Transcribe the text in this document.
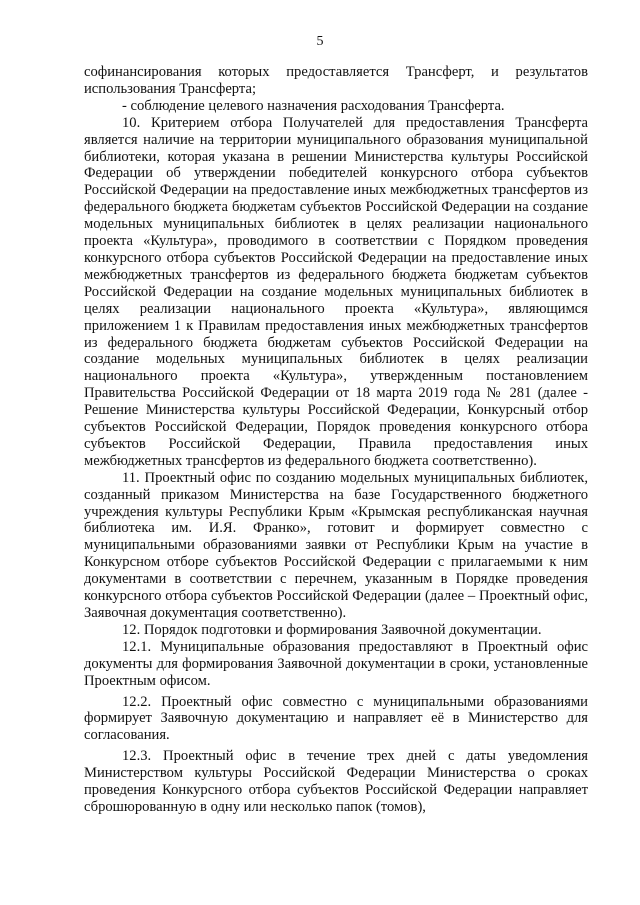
5

софинансирования которых предоставляется Трансферт, и результатов использования Трансферта;

- соблюдение целевого назначения расходования Трансферта.

10. Критерием отбора Получателей для предоставления Трансферта является наличие на территории муниципального образования муниципальной библиотеки, которая указана в решении Министерства культуры Российской Федерации об утверждении победителей конкурсного отбора субъектов Российской Федерации на предоставление иных межбюджетных трансфертов из федерального бюджета бюджетам субъектов Российской Федерации на создание модельных муниципальных библиотек в целях реализации национального проекта «Культура», проводимого в соответствии с Порядком проведения конкурсного отбора субъектов Российской Федерации на предоставление иных межбюджетных трансфертов из федерального бюджета бюджетам субъектов Российской Федерации на создание модельных муниципальных библиотек в целях реализации национального проекта «Культура», являющимся приложением 1 к Правилам предоставления иных межбюджетных трансфертов из федерального бюджета бюджетам субъектов Российской Федерации на создание модельных муниципальных библиотек в целях реализации национального проекта «Культура», утвержденным постановлением Правительства Российской Федерации от 18 марта 2019 года № 281 (далее - Решение Министерства культуры Российской Федерации, Конкурсный отбор субъектов Российской Федерации, Порядок проведения конкурсного отбора субъектов Российской Федерации, Правила предоставления иных межбюджетных трансфертов из федерального бюджета соответственно).

11. Проектный офис по созданию модельных муниципальных библиотек, созданный приказом Министерства на базе Государственного бюджетного учреждения культуры Республики Крым «Крымская республиканская научная библиотека им. И.Я. Франко», готовит и формирует совместно с муниципальными образованиями заявки от Республики Крым на участие в Конкурсном отборе субъектов Российской Федерации с прилагаемыми к ним документами в соответствии с перечнем, указанным в Порядке проведения конкурсного отбора субъектов Российской Федерации (далее – Проектный офис, Заявочная документация соответственно).

12. Порядок подготовки и формирования Заявочной документации.

12.1. Муниципальные образования предоставляют в Проектный офис документы для формирования Заявочной документации в сроки, установленные Проектным офисом.

12.2. Проектный офис совместно с муниципальными образованиями формирует Заявочную документацию и направляет её в Министерство для согласования.

12.3. Проектный офис в течение трех дней с даты уведомления Министерством культуры Российской Федерации Министерства о сроках проведения Конкурсного отбора субъектов Российской Федерации направляет сброшюрованную в одну или несколько папок (томов),
